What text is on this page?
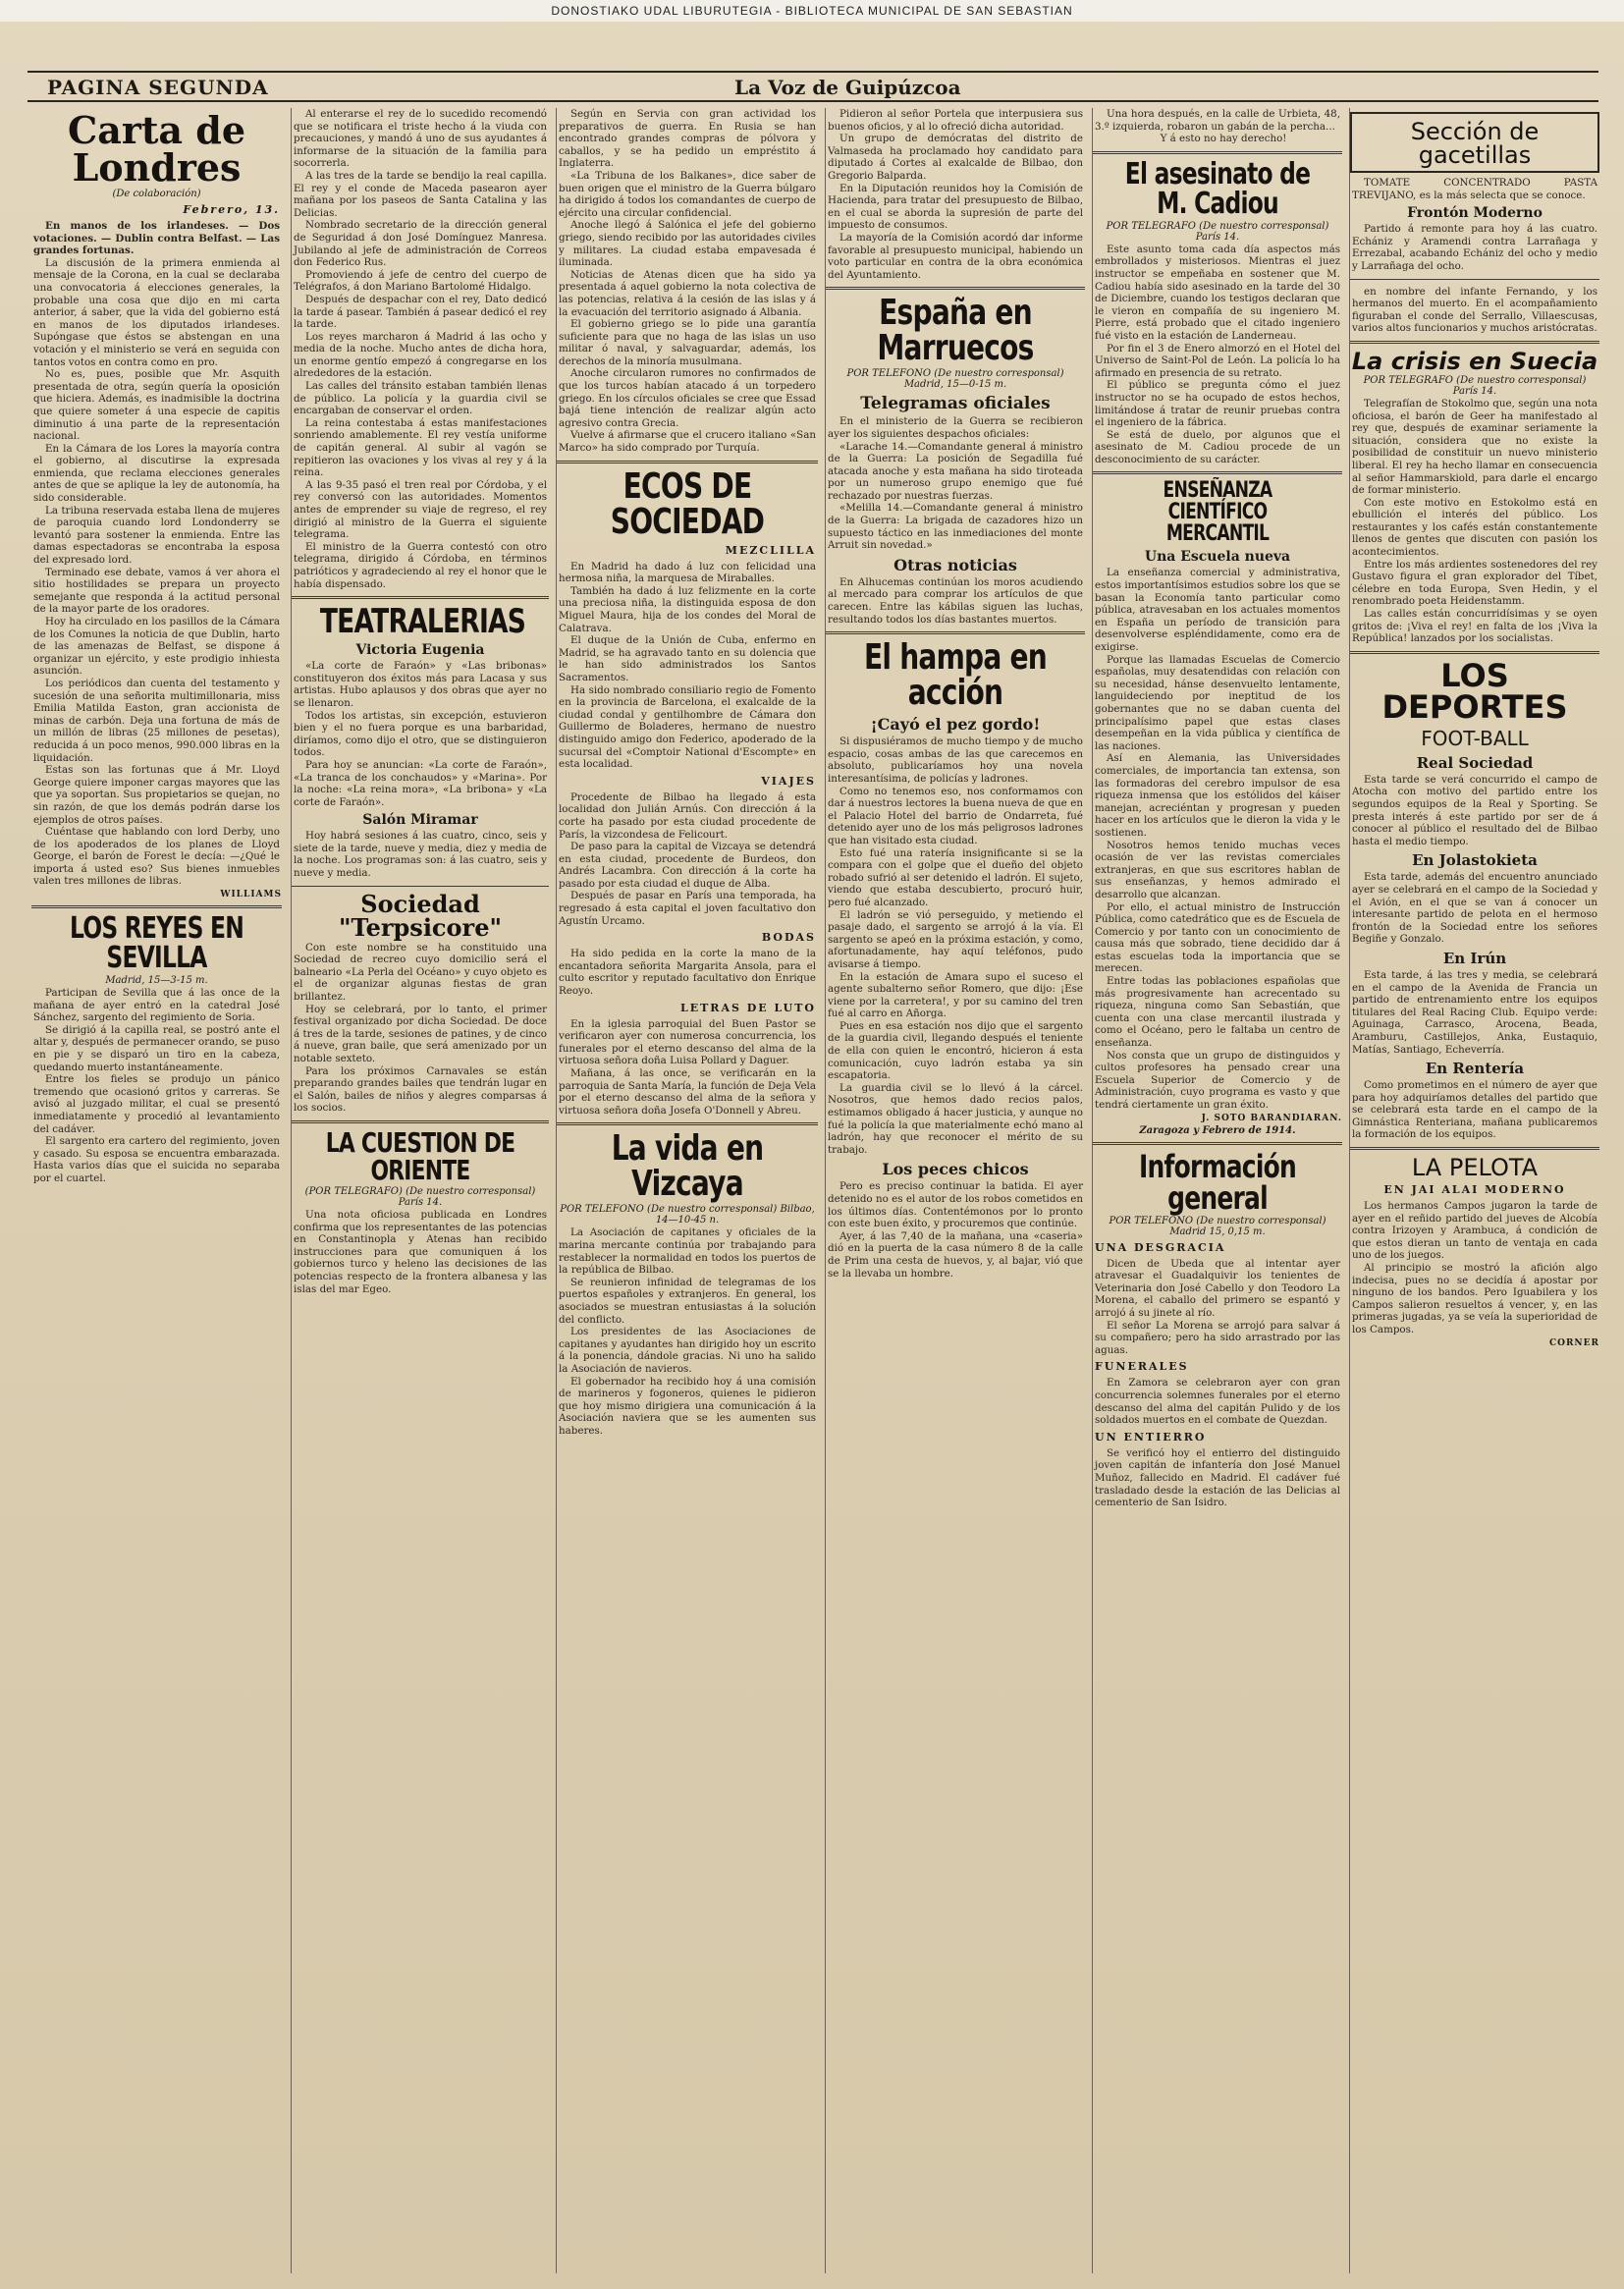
DONOSTIAKO UDAL LIBURUTEGIA - BIBLIOTECA MUNICIPAL DE SAN SEBASTIAN
PAGINA SEGUNDA	La Voz de Guipúzcoa
Carta de Londres
(De colaboración)
Febrero, 13.

En manos de los irlandeses. — Dos votaciones. — Dublin contra Belfast. — Las grandes fortunas.

La discusión de la primera enmienda al mensaje de la Corona, en la cual se declaraba una convocatoria á elecciones generales, la probable una cosa que dijo en mi carta anterior, á saber, que la vida del gobierno está en manos de los diputados irlandeses. Supóngase que éstos se abstengan en una votación y el ministerio se verá en seguida con tantos votos en contra como en pro.

No es, pues, posible que Mr. Asquith presentada de otra, según quería la oposición que hiciera. Además, es inadmisible la doctrina que quiere someter á una especie de capitis diminutio á una parte de la representación nacional.

En la Cámara de los Lores la mayoría contra el gobierno, al discutirse la expresada enmienda, que reclama elecciones generales antes de que se aplique la ley de autonomía, ha sido considerable.

La tribuna reservada estaba llena de mujeres de paroquia cuando lord Londonderry se levantó para sostener la enmienda. Entre las damas espectadoras se encontraba la esposa del expresado lord.

Terminado ese debate, vamos á ver ahora el sitio hostilidades se prepara un proyecto semejante que responda á la actitud personal de la mayor parte de los oradores.

Hoy ha circulado en los pasillos de la Cámara de los Comunes la noticia de que Dublin, harto de las amenazas de Belfast, se dispone á organizar un ejército, y este prodigio inhiesta asunción.

Los periódicos dan cuenta del testamento y sucesión de una señorita multimillonaria, miss Emilia Matilda Easton, gran accionista de minas de carbón. Deja una fortuna de más de un millón de libras (25 millones de pesetas), reducida á un poco menos, 990.000 libras en la liquidación.

Estas son las fortunas que á Mr. Lloyd George quiere imponer cargas mayores que las que ya soportan. Sus propietarios se quejan, no sin razón, de que los demás podrán darse los ejemplos de otros países.

Cuéntase que hablando con lord Derby, uno de los apoderados de los planes de Lloyd George, el barón de Forest le decía: —¿Qué le importa á usted eso? Sus bienes inmuebles valen tres millones de libras.

WILLIAMS
LOS REYES EN SEVILLA
Madrid, 15—3-15 m.

Participan de Sevilla que á las once de la mañana de ayer entró en la catedral José Sánchez, sargento del regimiento de Soria.

Se dirigió á la capilla real, se postró ante el altar y, después de permanecer orando, se puso en pie y se disparó un tiro en la cabeza, quedando muerto instantáneamente.

Entre los fieles se produjo un pánico tremendo que ocasionó gritos y carreras. Se avisó al juzgado militar, el cual se presentó inmediatamente y procedió al levantamiento del cadáver.

El sargento era cartero del regimiento, joven y casado. Su esposa se encuentra embarazada. Hasta varios días que el suicida no separaba por el cuartel.

Al enterarse el rey de lo sucedido recomendó que se notificara el triste hecho á la viuda con precauciones, y mandó á uno de sus ayudantes á informarse de la situación de la familia para socorrerla.

A las tres de la tarde se bendijo la real capilla. El rey y el conde de Maceda pasearon ayer mañana por los paseos de Santa Catalina y las Delicias.

Nombrado secretario de la dirección general de Seguridad á don José Domínguez Manresa. Jubilando al jefe de administración de Correos don Federico Rus.

Promoviendo á jefe de centro del cuerpo de Telégrafos, á don Mariano Bartolomé Hidalgo.

Después de despachar con el rey, Dato dedicó la tarde á pasear. También á pasear dedicó el rey la tarde.

Los reyes marcharon á Madrid á las ocho y media de la noche. Mucho antes de dicha hora, un enorme gentío empezó á congregarse en los alrededores de la estación.

Las calles del tránsito estaban también llenas de público. La policía y la guardia civil se encargaban de conservar el orden.

La reina contestaba á estas manifestaciones sonriendo amablemente. El rey vestía uniforme de capitán general. Al subir al vagón se repitieron las ovaciones y los vivas al rey y á la reina.

A las 9-35 pasó el tren real por Córdoba, y el rey conversó con las autoridades. Momentos antes de emprender su viaje de regreso, el rey dirigió al ministro de la Guerra el siguiente telegrama.

El ministro de la Guerra contestó con otro telegrama, dirigido á Córdoba, en términos patrióticos y agradeciendo al rey el honor que le había dispensado.

TEATRALERIAS
Victoria Eugenia

«La corte de Faraón» y «Las bribonas» constituyeron dos éxitos más para Lacasa y sus artistas. Hubo aplausos y dos obras que ayer no se llenaron.

Todos los artistas, sin excepción, estuvieron bien y el no fuera porque es una barbaridad, diríamos, como dijo el otro, que se distinguieron todos.

Para hoy se anuncian: «La corte de Faraón», «La tranca de los conchaudos» y «Marina». Por la noche: «La reina mora», «La bribona» y «La corte de Faraón».

Salón Miramar

Hoy habrá sesiones á las cuatro, cinco, seis y siete de la tarde, nueve y media, diez y media de la noche. Los programas son: á las cuatro, seis y nueve y media.

Sociedad "Terpsicore"

Con este nombre se ha constituido una Sociedad de recreo cuyo domicilio será el balneario «La Perla del Océano» y cuyo objeto es el de organizar algunas fiestas de gran brillantez.

Hoy se celebrará, por lo tanto, el primer festival organizado por dicha Sociedad. De doce á tres de la tarde, sesiones de patines, y de cinco á nueve, gran baile, que será amenizado por un notable sexteto.

Para los próximos Carnavales se están preparando grandes bailes que tendrán lugar en el Salón, bailes de niños y alegres comparsas á los socios.

LA CUESTION DE ORIENTE
(POR TELEGRAFO) (De nuestro corresponsal) París 14.

Una nota oficiosa publicada en Londres confirma que los representantes de las potencias en Constantinopla y Atenas han recibido instrucciones para que comuniquen á los gobiernos turco y heleno las decisiones de las potencias respecto de la frontera albanesa y las islas del mar Egeo.

Según en Servia con gran actividad los preparativos de guerra. En Rusia se han encontrado grandes compras de pólvora y caballos, y se ha pedido un empréstito á Inglaterra.

«La Tribuna de los Balkanes», dice saber de buen origen que el ministro de la Guerra búlgaro ha dirigido á todos los comandantes de cuerpo de ejército una circular confidencial.

Anoche llegó á Salónica el jefe del gobierno griego, siendo recibido por las autoridades civiles y militares. La ciudad estaba empavesada é iluminada.

Noticias de Atenas dicen que ha sido ya presentada á aquel gobierno la nota colectiva de las potencias, relativa á la cesión de las islas y á la evacuación del territorio asignado á Albania.

El gobierno griego se lo pide una garantía suficiente para que no haga de las islas un uso militar ó naval, y salvaguardar, además, los derechos de la minoría musulmana.

Anoche circularon rumores no confirmados de que los turcos habían atacado á un torpedero griego. En los círculos oficiales se cree que Essad bajá tiene intención de realizar algún acto agresivo contra Grecia.

Vuelve á afirmarse que el crucero italiano «San Marco» ha sido comprado por Turquía.

ECOS DE SOCIEDAD
MEZCLILLA

En Madrid ha dado á luz con felicidad una hermosa niña, la marquesa de Miraballes.

También ha dado á luz felizmente en la corte una preciosa niña, la distinguida esposa de don Miguel Maura, hija de los condes del Moral de Calatrava.

El duque de la Unión de Cuba, enfermo en Madrid, se ha agravado tanto en su dolencia que le han sido administrados los Santos Sacramentos.

Ha sido nombrado consiliario regio de Fomento en la provincia de Barcelona, el exalcalde de la ciudad condal y gentilhombre de Cámara don Guillermo de Boladeres, hermano de nuestro distinguido amigo don Federico, apoderado de la sucursal del «Comptoir National d'Escompte» en esta localidad.

VIAJES

Procedente de Bilbao ha llegado á esta localidad don Julián Arnús. Con dirección á la corte ha pasado por esta ciudad procedente de París, la vizcondesa de Felicourt.

De paso para la capital de Vizcaya se detendrá en esta ciudad, procedente de Burdeos, don Andrés Lacambra. Con dirección á la corte ha pasado por esta ciudad el duque de Alba.

Después de pasar en París una temporada, ha regresado á esta capital el joven facultativo don Agustín Urcamo.

BODAS

Ha sido pedida en la corte la mano de la encantadora señorita Margarita Ansola, para el culto escritor y reputado facultativo don Enrique Reoyo.

LETRAS DE LUTO

En la iglesia parroquial del Buen Pastor se verificaron ayer con numerosa concurrencia, los funerales por el eterno descanso del alma de la virtuosa señora doña Luisa Pollard y Daguer.

Mañana, á las once, se verificarán en la parroquia de Santa María, la función de Deja Vela por el eterno descanso del alma de la señora y virtuosa señora doña Josefa O'Donnell y Abreu.

La vida en Vizcaya
POR TELEFONO (De nuestro corresponsal) Bilbao, 14—10-45 n.

La Asociación de capitanes y oficiales de la marina mercante continúa por trabajando para restablecer la normalidad en todos los puertos de la república de Bilbao.

Se reunieron infinidad de telegramas de los puertos españoles y extranjeros. En general, los asociados se muestran entusiastas á la solución del conflicto.

Los presidentes de las Asociaciones de capitanes y ayudantes han dirigido hoy un escrito á la ponencia, dándole gracias. Ni uno ha salido la Asociación de navieros.

El gobernador ha recibido hoy á una comisión de marineros y fogoneros, quienes le pidieron que hoy mismo dirigiera una comunicación á la Asociación naviera que se les aumenten sus haberes.

Pidieron al señor Portela que interpusiera sus buenos oficios, y al lo ofreció dicha autoridad.

Un grupo de demócratas del distrito de Valmaseda ha proclamado hoy candidato para diputado á Cortes al exalcalde de Bilbao, don Gregorio Balparda.

En la Diputación reunidos hoy la Comisión de Hacienda, para tratar del presupuesto de Bilbao, en el cual se aborda la supresión de parte del impuesto de consumos.

La mayoría de la Comisión acordó dar informe favorable al presupuesto municipal, habiendo un voto particular en contra de la obra económica del Ayuntamiento.

España en Marruecos
POR TELEFONO (De nuestro corresponsal) Madrid, 15—0-15 m.
Telegramas oficiales

En el ministerio de la Guerra se recibieron ayer los siguientes despachos oficiales:

«Larache 14.—Comandante general á ministro de la Guerra: La posición de Segadilla fué atacada anoche y esta mañana ha sido tiroteada por un numeroso grupo enemigo que fué rechazado por nuestras fuerzas.

«Melilla 14.—Comandante general á ministro de la Guerra: La brigada de cazadores hizo un supuesto táctico en las inmediaciones del monte Arruit sin novedad.»

Otras noticias

En Alhucemas continúan los moros acudiendo al mercado para comprar los artículos de que carecen. Entre las kábilas siguen las luchas, resultando todos los días bastantes muertos.

El hampa en acción
¡Cayó el pez gordo!

Si dispusiéramos de mucho tiempo y de mucho espacio, cosas ambas de las que carecemos en absoluto, publicaríamos hoy una novela interesantísima, de policías y ladrones.

Como no tenemos eso, nos conformamos con dar á nuestros lectores la buena nueva de que en el Palacio Hotel del barrio de Ondarreta, fué detenido ayer uno de los más peligrosos ladrones que han visitado esta ciudad.

Esto fué una ratería insignificante si se la compara con el golpe que el dueño del objeto robado sufrió al ser detenido el ladrón. El sujeto, viendo que estaba descubierto, procuró huir, pero fué alcanzado.

El ladrón se vió perseguido, y metiendo el pasaje dado, el sargento se arrojó á la vía. El sargento se apeó en la próxima estación, y como, afortunadamente, hay aquí teléfonos, pudo avisarse á tiempo.

En la estación de Amara supo el suceso el agente subalterno señor Romero, que dijo: ¡Ese viene por la carretera!, y por su camino del tren fué al carro en Añorga.

Pues en esa estación nos dijo que el sargento de la guardia civil, llegando después el teniente de ella con quien le encontró, hicieron á esta comunicación, cuyo ladrón estaba ya sin escapatoria.

La guardia civil se lo llevó á la cárcel. Nosotros, que hemos dado recios palos, estimamos obligado á hacer justicia, y aunque no fué la policía la que materialmente echó mano al ladrón, hay que reconocer el mérito de su trabajo.

Los peces chicos

Pero es preciso continuar la batida. El ayer detenido no es el autor de los robos cometidos en los últimos días. Contentémonos por lo pronto con este buen éxito, y procuremos que continúe.

Ayer, á las 7,40 de la mañana, una «caseria» dió en la puerta de la casa número 8 de la calle de Prim una cesta de huevos, y, al bajar, vió que se la llevaba un hombre.

Una hora después, en la calle de Urbieta, 48, 3.º izquierda, robaron un gabán de la percha...

Y á esto no hay derecho!

El asesinato de M. Cadiou
POR TELEGRAFO (De nuestro corresponsal) París 14.

Este asunto toma cada día aspectos más embrollados y misteriosos. Mientras el juez instructor se empeñaba en sostener que M. Cadiou había sido asesinado en la tarde del 30 de Diciembre, cuando los testigos declaran que le vieron en compañía de su ingeniero M. Pierre, está probado que el citado ingeniero fué visto en la estación de Landerneau.

Por fin el 3 de Enero almorzó en el Hotel del Universo de Saint-Pol de León. La policía lo ha afirmado en presencia de su retrato.

El público se pregunta cómo el juez instructor no se ha ocupado de estos hechos, limitándose á tratar de reunir pruebas contra el ingeniero de la fábrica.

Se está de duelo, por algunos que el asesinato de M. Cadiou procede de un desconocimiento de su carácter.

ENSEÑANZA CIENTÍFICO MERCANTIL
Una Escuela nueva

La enseñanza comercial y administrativa, estos importantísimos estudios sobre los que se basan la Economía tanto particular como pública, atravesaban en los actuales momentos en España un período de transición para desenvolverse espléndidamente, como era de exigirse.

Porque las llamadas Escuelas de Comercio españolas, muy desatendidas con relación con su necesidad, hánse desenvuelto lentamente, languideciendo por ineptitud de los gobernantes que no se daban cuenta del principalísimo papel que estas clases desempeñan en la vida pública y científica de las naciones.

Así en Alemania, las Universidades comerciales, de importancia tan extensa, son las formadoras del cerebro impulsor de esa riqueza inmensa que los estólidos del káiser manejan, acreciéntan y progresan y pueden hacer en los artículos que le dieron la vida y le sostienen.

Nosotros hemos tenido muchas veces ocasión de ver las revistas comerciales extranjeras, en que sus escritores hablan de sus enseñanzas, y hemos admirado el desarrollo que alcanzan.

Por ello, el actual ministro de Instrucción Pública, como catedrático que es de Escuela de Comercio y por tanto con un conocimiento de causa más que sobrado, tiene decidido dar á estas escuelas toda la importancia que se merecen.

Entre todas las poblaciones españolas que más progresivamente han acrecentado su riqueza, ninguna como San Sebastián, que cuenta con una clase mercantil ilustrada y como el Océano, pero le faltaba un centro de enseñanza.

Nos consta que un grupo de distinguidos y cultos profesores ha pensado crear una Escuela Superior de Comercio y de Administración, cuyo programa es vasto y que tendrá ciertamente un gran éxito.

J. SOTO BARANDIARAN.
Zaragoza y Febrero de 1914.
Información general
POR TELEFONO (De nuestro corresponsal) Madrid 15, 0,15 m.
UNA DESGRACIA

Dicen de Ubeda que al intentar ayer atravesar el Guadalquivir los tenientes de Veterinaria don José Cabello y don Teodoro La Morena, el caballo del primero se espantó y arrojó á su jinete al río.

El señor La Morena se arrojó para salvar á su compañero; pero ha sido arrastrado por las aguas.

FUNERALES

En Zamora se celebraron ayer con gran concurrencia solemnes funerales por el eterno descanso del alma del capitán Pulido y de los soldados muertos en el combate de Quezdan.

UN ENTIERRO

Se verificó hoy el entierro del distinguido joven capitán de infantería don José Manuel Muñoz, fallecido en Madrid. El cadáver fué trasladado desde la estación de las Delicias al cementerio de San Isidro.

Sección de gacetillas

TOMATE CONCENTRADO PASTA TREVIJANO, es la más selecta que se conoce.

Frontón Moderno

Partido á remonte para hoy á las cuatro. Echániz y Aramendi contra Larrañaga y Errezabal, acabando Echániz del ocho y medio y Larrañaga del ocho.

en nombre del infante Fernando, y los hermanos del muerto. En el acompañamiento figuraban el conde del Serrallo, Villaescusas, varios altos funcionarios y muchos aristócratas.

La crisis en Suecia
POR TELEGRAFO (De nuestro corresponsal) París 14.

Telegrafían de Stokolmo que, según una nota oficiosa, el barón de Geer ha manifestado al rey que, después de examinar seriamente la situación, considera que no existe la posibilidad de constituir un nuevo ministerio liberal. El rey ha hecho llamar en consecuencia al señor Hammarskiold, para darle el encargo de formar ministerio.

Con este motivo en Estokolmo está en ebullición el interés del público. Los restaurantes y los cafés están constantemente llenos de gentes que discuten con pasión los acontecimientos.

Entre los más ardientes sostenedores del rey Gustavo figura el gran explorador del Tíbet, célebre en toda Europa, Sven Hedin, y el renombrado poeta Heidenstamm.

Las calles están concurridísimas y se oyen gritos de: ¡Viva el rey! en falta de los ¡Viva la República! lanzados por los socialistas.

LOS DEPORTES
FOOT-BALL
Real Sociedad

Esta tarde se verá concurrido el campo de Atocha con motivo del partido entre los segundos equipos de la Real y Sporting. Se presta interés á este partido por ser de á conocer al público el resultado del de Bilbao hasta el medio tiempo.

En Jolastokieta

Esta tarde, además del encuentro anunciado ayer se celebrará en el campo de la Sociedad y el Avión, en el que se van á conocer un interesante partido de pelota en el hermoso frontón de la Sociedad entre los señores Begiñe y Gonzalo.

En Irún

Esta tarde, á las tres y media, se celebrará en el campo de la Avenida de Francia un partido de entrenamiento entre los equipos titulares del Real Racing Club. Equipo verde: Aguinaga, Carrasco, Arocena, Beada, Aramburu, Castillejos, Anka, Eustaquio, Matías, Santiago, Echeverría.

En Rentería

Como prometimos en el número de ayer que para hoy adquiríamos detalles del partido que se celebrará esta tarde en el campo de la Gimnástica Renteriana, mañana publicaremos la formación de los equipos.

LA PELOTA
EN JAI ALAI MODERNO

Los hermanos Campos jugaron la tarde de ayer en el reñido partido del jueves de Alcobía contra Irizoyen y Arambuca, á condición de que estos dieran un tanto de ventaja en cada uno de los juegos.

Al principio se mostró la afición algo indecisa, pues no se decidía á apostar por ninguno de los bandos. Pero Iguabilera y los Campos salieron resueltos á vencer, y, en las primeras jugadas, ya se veía la superioridad de los Campos.

CORNER
